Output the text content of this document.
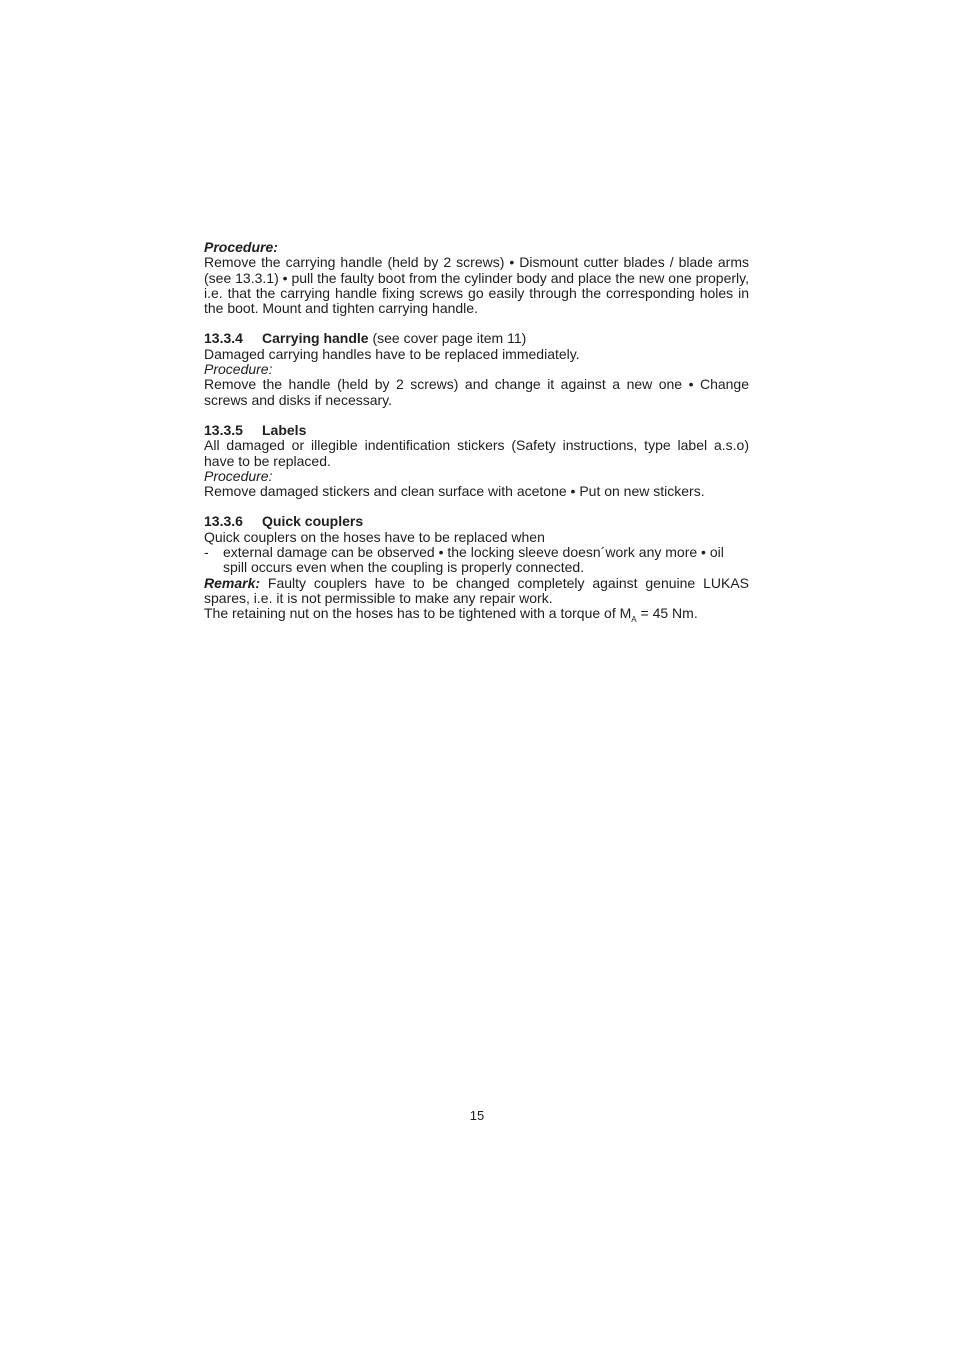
Procedure:

Remove the carrying handle (held by 2 screws) • Dismount cutter blades / blade arms (see 13.3.1) • pull the faulty boot from the cylinder body and place the new one properly, i.e. that the carrying handle fixing screws go easily through the corresponding holes in the boot. Mount and tighten carrying handle.

13.3.4 Carrying handle (see cover page item 11)

Damaged carrying handles have to be replaced immediately.

Procedure:

Remove the handle (held by 2 screws) and change it against a new one • Change screws and disks if necessary.

13.3.5 Labels

All damaged or illegible indentification stickers (Safety instructions, type label a.s.o) have to be replaced.

Procedure:

Remove damaged stickers and clean surface with acetone • Put on new stickers.

13.3.6 Quick couplers

Quick couplers on the hoses have to be replaced when

-	external damage can be observed • the locking sleeve doesn´work any more • oil spill occurs even when the coupling is properly connected.

Remark: Faulty couplers have to be changed completely against genuine LUKAS spares, i.e. it is not permissible to make any repair work.

The retaining nut on the hoses has to be tightened with a torque of $M_A = 45$ Nm.

15
